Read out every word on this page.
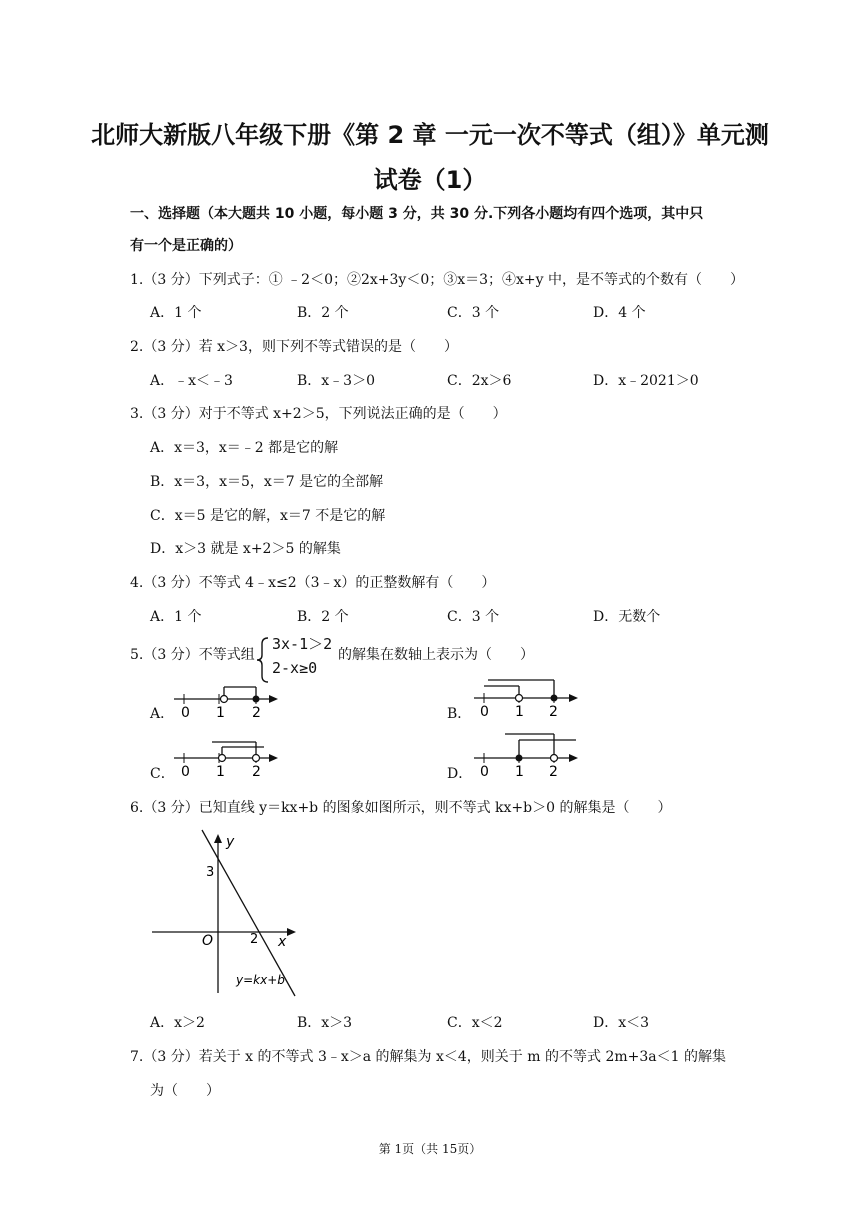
北师大新版八年级下册《第 2 章 一元一次不等式（组）》单元测
试卷（1）
一、选择题（本大题共 10 小题，每小题 3 分，共 30 分.下列各小题均有四个选项，其中只
有一个是正确的）
1.（3 分）下列式子：① ﹣2＜0；②2x+3y＜0；③x＝3；④x+y 中，是不等式的个数有（　　）
A．1 个	B．2 个	C．3 个	D．4 个
2.（3 分）若 x＞3，则下列不等式错误的是（　　）
A．﹣x＜﹣3	B．x﹣3＞0	C．2x＞6	D．x﹣2021＞0
3.（3 分）对于不等式 x+2＞5，下列说法正确的是（　　）
A．x＝3，x＝﹣2 都是它的解
B．x＝3，x＝5，x＝7 是它的全部解
C．x＝5 是它的解，x＝7 不是它的解
D．x＞3 就是 x+2＞5 的解集
4.（3 分）不等式 4﹣x≤2（3﹣x）的正整数解有（　　）
A．1 个	B．2 个	C．3 个	D．无数个
5.（3 分）不等式组
3x-1＞2
2-x≥0
的解集在数轴上表示为（　　）
A． 0 1 2	B． 0 1 2
C． 0 1 2	D． 0 1 2
6.（3 分）已知直线 y＝kx+b 的图象如图所示，则不等式 kx+b＞0 的解集是（　　）
y
3
O	2 x
y=kx+b
A．x＞2	B．x＞3	C．x＜2	D．x＜3
7.（3 分）若关于 x 的不等式 3﹣x＞a 的解集为 x＜4，则关于 m 的不等式 2m+3a＜1 的解集
为（　　）
第 1页（共 15页）
